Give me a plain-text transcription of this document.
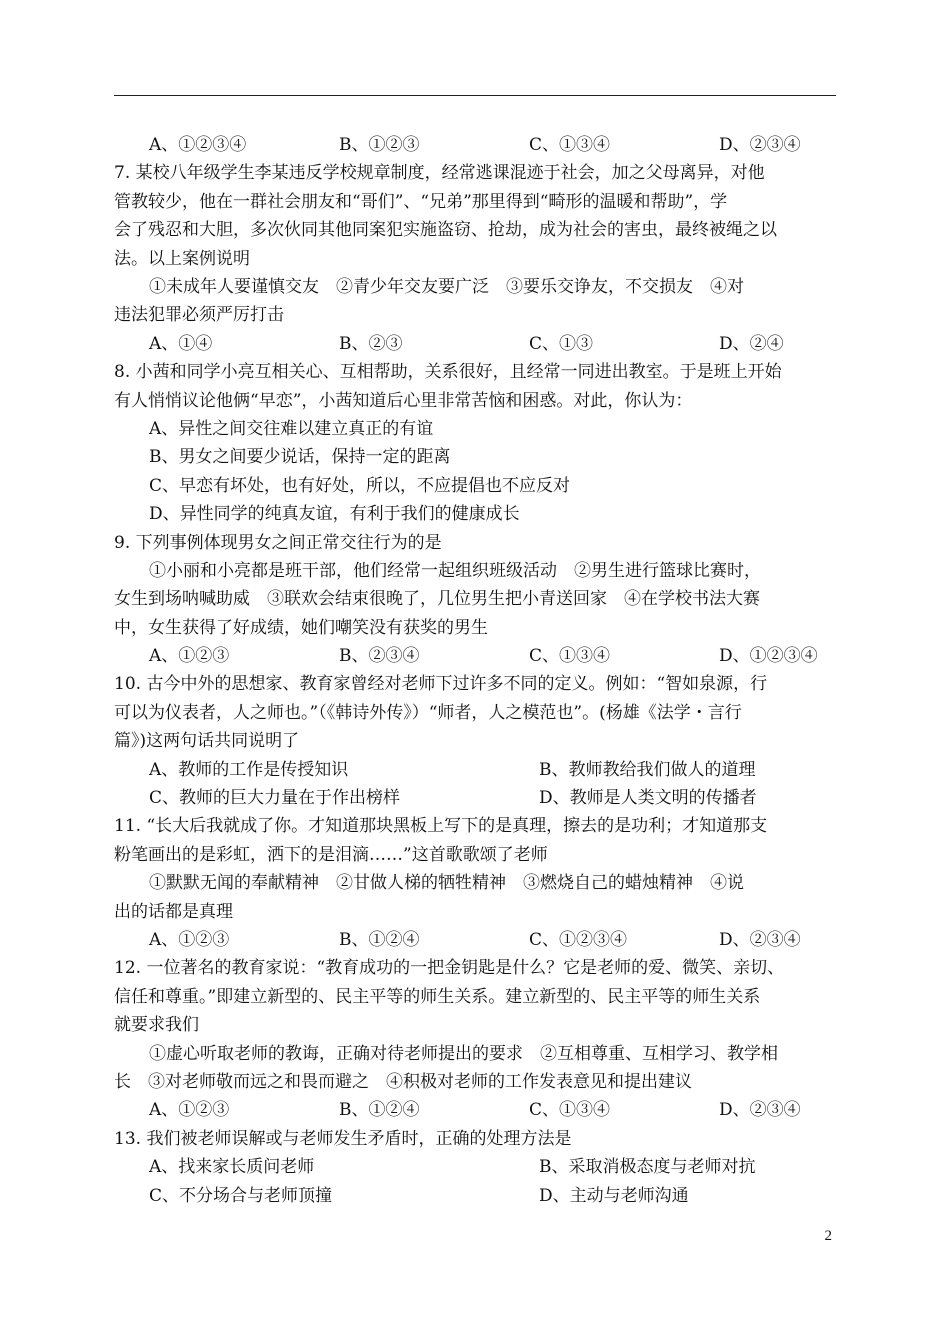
A、①②③④	B、①②③	C、①③④	D、②③④
7. 某校八年级学生李某违反学校规章制度，经常逃课混迹于社会，加之父母离异，对他
管教较少，他在一群社会朋友和“哥们”、“兄弟”那里得到“畸形的温暖和帮助”，学
会了残忍和大胆，多次伙同其他同案犯实施盗窃、抢劫，成为社会的害虫，最终被绳之以
法。以上案例说明
①未成年人要谨慎交友　②青少年交友要广泛　③要乐交诤友，不交损友　④对
违法犯罪必须严厉打击
A、①④	B、②③	C、①③	D、②④
8. 小茜和同学小亮互相关心、互相帮助，关系很好，且经常一同进出教室。于是班上开始
有人悄悄议论他俩“早恋”，小茜知道后心里非常苦恼和困惑。对此，你认为：
A、异性之间交往难以建立真正的有谊
B、男女之间要少说话，保持一定的距离
C、早恋有坏处，也有好处，所以，不应提倡也不应反对
D、异性同学的纯真友谊，有利于我们的健康成长
9. 下列事例体现男女之间正常交往行为的是
①小丽和小亮都是班干部，他们经常一起组织班级活动　②男生进行篮球比赛时，
女生到场呐喊助威　③联欢会结束很晚了，几位男生把小青送回家　④在学校书法大赛
中，女生获得了好成绩，她们嘲笑没有获奖的男生
A、①②③	B、②③④	C、①③④	D、①②③④
10. 古今中外的思想家、教育家曾经对老师下过许多不同的定义。例如：“智如泉源，行
可以为仪表者，人之师也。”（《韩诗外传》）“师者，人之模范也”。(杨雄《法学・言行
篇》)这两句话共同说明了
A、教师的工作是传授知识	B、教师教给我们做人的道理
C、教师的巨大力量在于作出榜样	D、教师是人类文明的传播者
11. “长大后我就成了你。才知道那块黑板上写下的是真理，擦去的是功利；才知道那支
粉笔画出的是彩虹，洒下的是泪滴……”这首歌歌颂了老师
①默默无闻的奉献精神　②甘做人梯的牺牲精神　③燃烧自己的蜡烛精神　④说
出的话都是真理
A、①②③	B、①②④	C、①②③④	D、②③④
12. 一位著名的教育家说：“教育成功的一把金钥匙是什么？它是老师的爱、微笑、亲切、
信任和尊重。”即建立新型的、民主平等的师生关系。建立新型的、民主平等的师生关系
就要求我们
①虚心听取老师的教诲，正确对待老师提出的要求　②互相尊重、互相学习、教学相
长　③对老师敬而远之和畏而避之　④积极对老师的工作发表意见和提出建议
A、①②③	B、①②④	C、①③④	D、②③④
13. 我们被老师误解或与老师发生矛盾时，正确的处理方法是
A、找来家长质问老师	B、采取消极态度与老师对抗
C、不分场合与老师顶撞	D、主动与老师沟通
2
